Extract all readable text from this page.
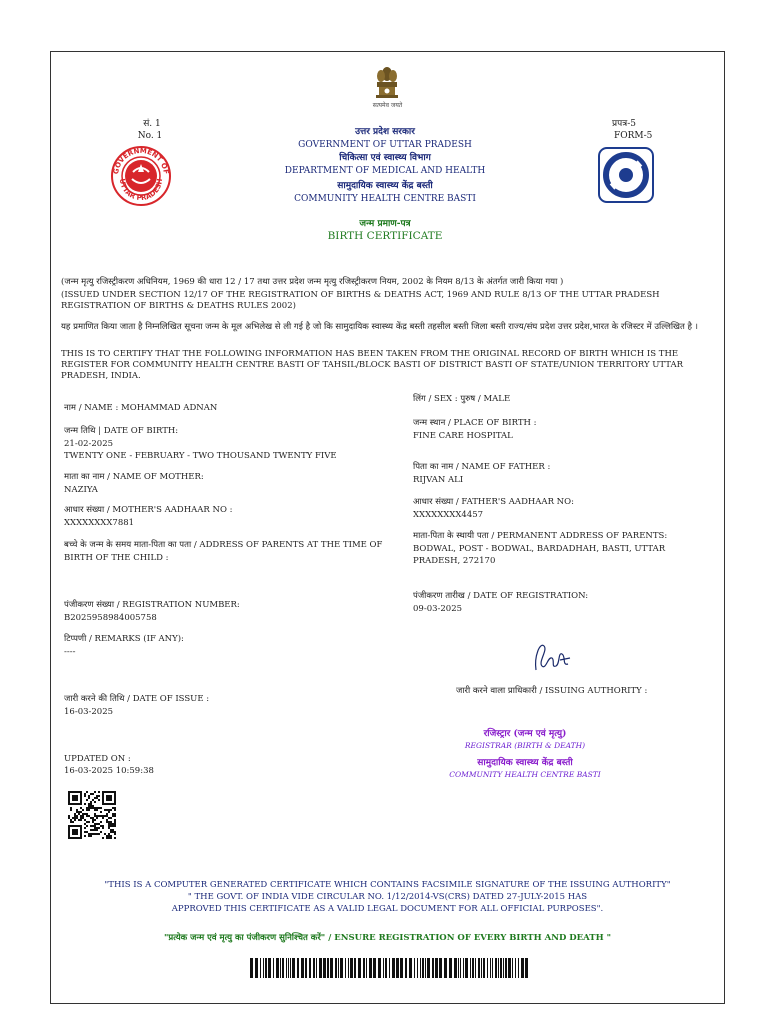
सत्यमेव जयते
सं. 1
No. 1
प्रपत्र-5
FORM-5
GOVERNMENT OF
UTTAR PRADESH
उत्तर प्रदेश सरकार
GOVERNMENT OF UTTAR PRADESH
चिकित्सा एवं स्वास्थ्य विभाग
DEPARTMENT OF MEDICAL AND HEALTH
सामुदायिक स्वास्थ्य केंद्र बस्ती
COMMUNITY HEALTH CENTRE BASTI
जन्म प्रमाण-पत्र
BIRTH CERTIFICATE
(जन्म मृत्यु रजिस्ट्रीकरण अधिनियम, 1969 की धारा 12 / 17 तथा उत्तर प्रदेश जन्म मृत्यु रजिस्ट्रीकरण नियम, 2002 के नियम 8/13 के अंतर्गत जारी किया गया )
(ISSUED UNDER SECTION 12/17 OF THE REGISTRATION OF BIRTHS & DEATHS ACT, 1969 AND RULE 8/13 OF THE UTTAR PRADESH REGISTRATION OF BIRTHS & DEATHS RULES 2002)
यह प्रमाणित किया जाता है निम्नलिखित सूचना जन्म के मूल अभिलेख से ली गई है जो कि सामुदायिक स्वास्थ्य केंद्र बस्ती तहसील बस्ती जिला बस्ती राज्य/संघ प्रदेश उत्तर प्रदेश,भारत के रजिस्टर में उल्लिखित है ।
THIS IS TO CERTIFY THAT THE FOLLOWING INFORMATION HAS BEEN TAKEN FROM THE ORIGINAL RECORD OF BIRTH WHICH IS THE REGISTER FOR COMMUNITY HEALTH CENTRE BASTI OF TAHSIL/BLOCK BASTI OF DISTRICT BASTI OF STATE/UNION TERRITORY UTTAR PRADESH, INDIA.
नाम / NAME : MOHAMMAD ADNAN
जन्म तिथि | DATE OF BIRTH:
21-02-2025
TWENTY ONE - FEBRUARY - TWO THOUSAND TWENTY FIVE
माता का नाम / NAME OF MOTHER:
NAZIYA
आधार संख्या / MOTHER'S AADHAAR NO :
XXXXXXXX7881
बच्चे के जन्म के समय माता-पिता का पता / ADDRESS OF PARENTS AT THE TIME OF
BIRTH OF THE CHILD :
पंजीकरण संख्या / REGISTRATION NUMBER:
B2025958984005758
टिप्पणी / REMARKS (IF ANY):
----
जारी करने की तिथि / DATE OF ISSUE :
16-03-2025
UPDATED ON :
16-03-2025 10:59:38
लिंग / SEX : पुरुष / MALE
जन्म स्थान / PLACE OF BIRTH :
FINE CARE HOSPITAL
पिता का नाम / NAME OF FATHER :
RIJVAN ALI
आधार संख्या / FATHER'S AADHAAR NO:
XXXXXXXX4457
माता-पिता के स्थायी पता / PERMANENT ADDRESS OF PARENTS:
BODWAL, POST - BODWAL, BARDADHAH, BASTI, UTTAR
PRADESH, 272170
पंजीकरण तारीख / DATE OF REGISTRATION:
09-03-2025
जारी करने वाला प्राधिकारी / ISSUING AUTHORITY :
रजिस्ट्रार (जन्म एवं मृत्यु)
REGISTRAR (BIRTH & DEATH)
सामुदायिक स्वास्थ्य केंद्र बस्ती
COMMUNITY HEALTH CENTRE BASTI
"THIS IS A COMPUTER GENERATED CERTIFICATE WHICH CONTAINS FACSIMILE SIGNATURE OF THE ISSUING AUTHORITY"
" THE GOVT. OF INDIA VIDE CIRCULAR NO. 1/12/2014-VS(CRS) DATED 27-JULY-2015 HAS
APPROVED THIS CERTIFICATE AS A VALID LEGAL DOCUMENT FOR ALL OFFICIAL PURPOSES".
"प्रत्येक जन्म एवं मृत्यु का पंजीकरण सुनिश्चित करें" / ENSURE REGISTRATION OF EVERY BIRTH AND DEATH "
